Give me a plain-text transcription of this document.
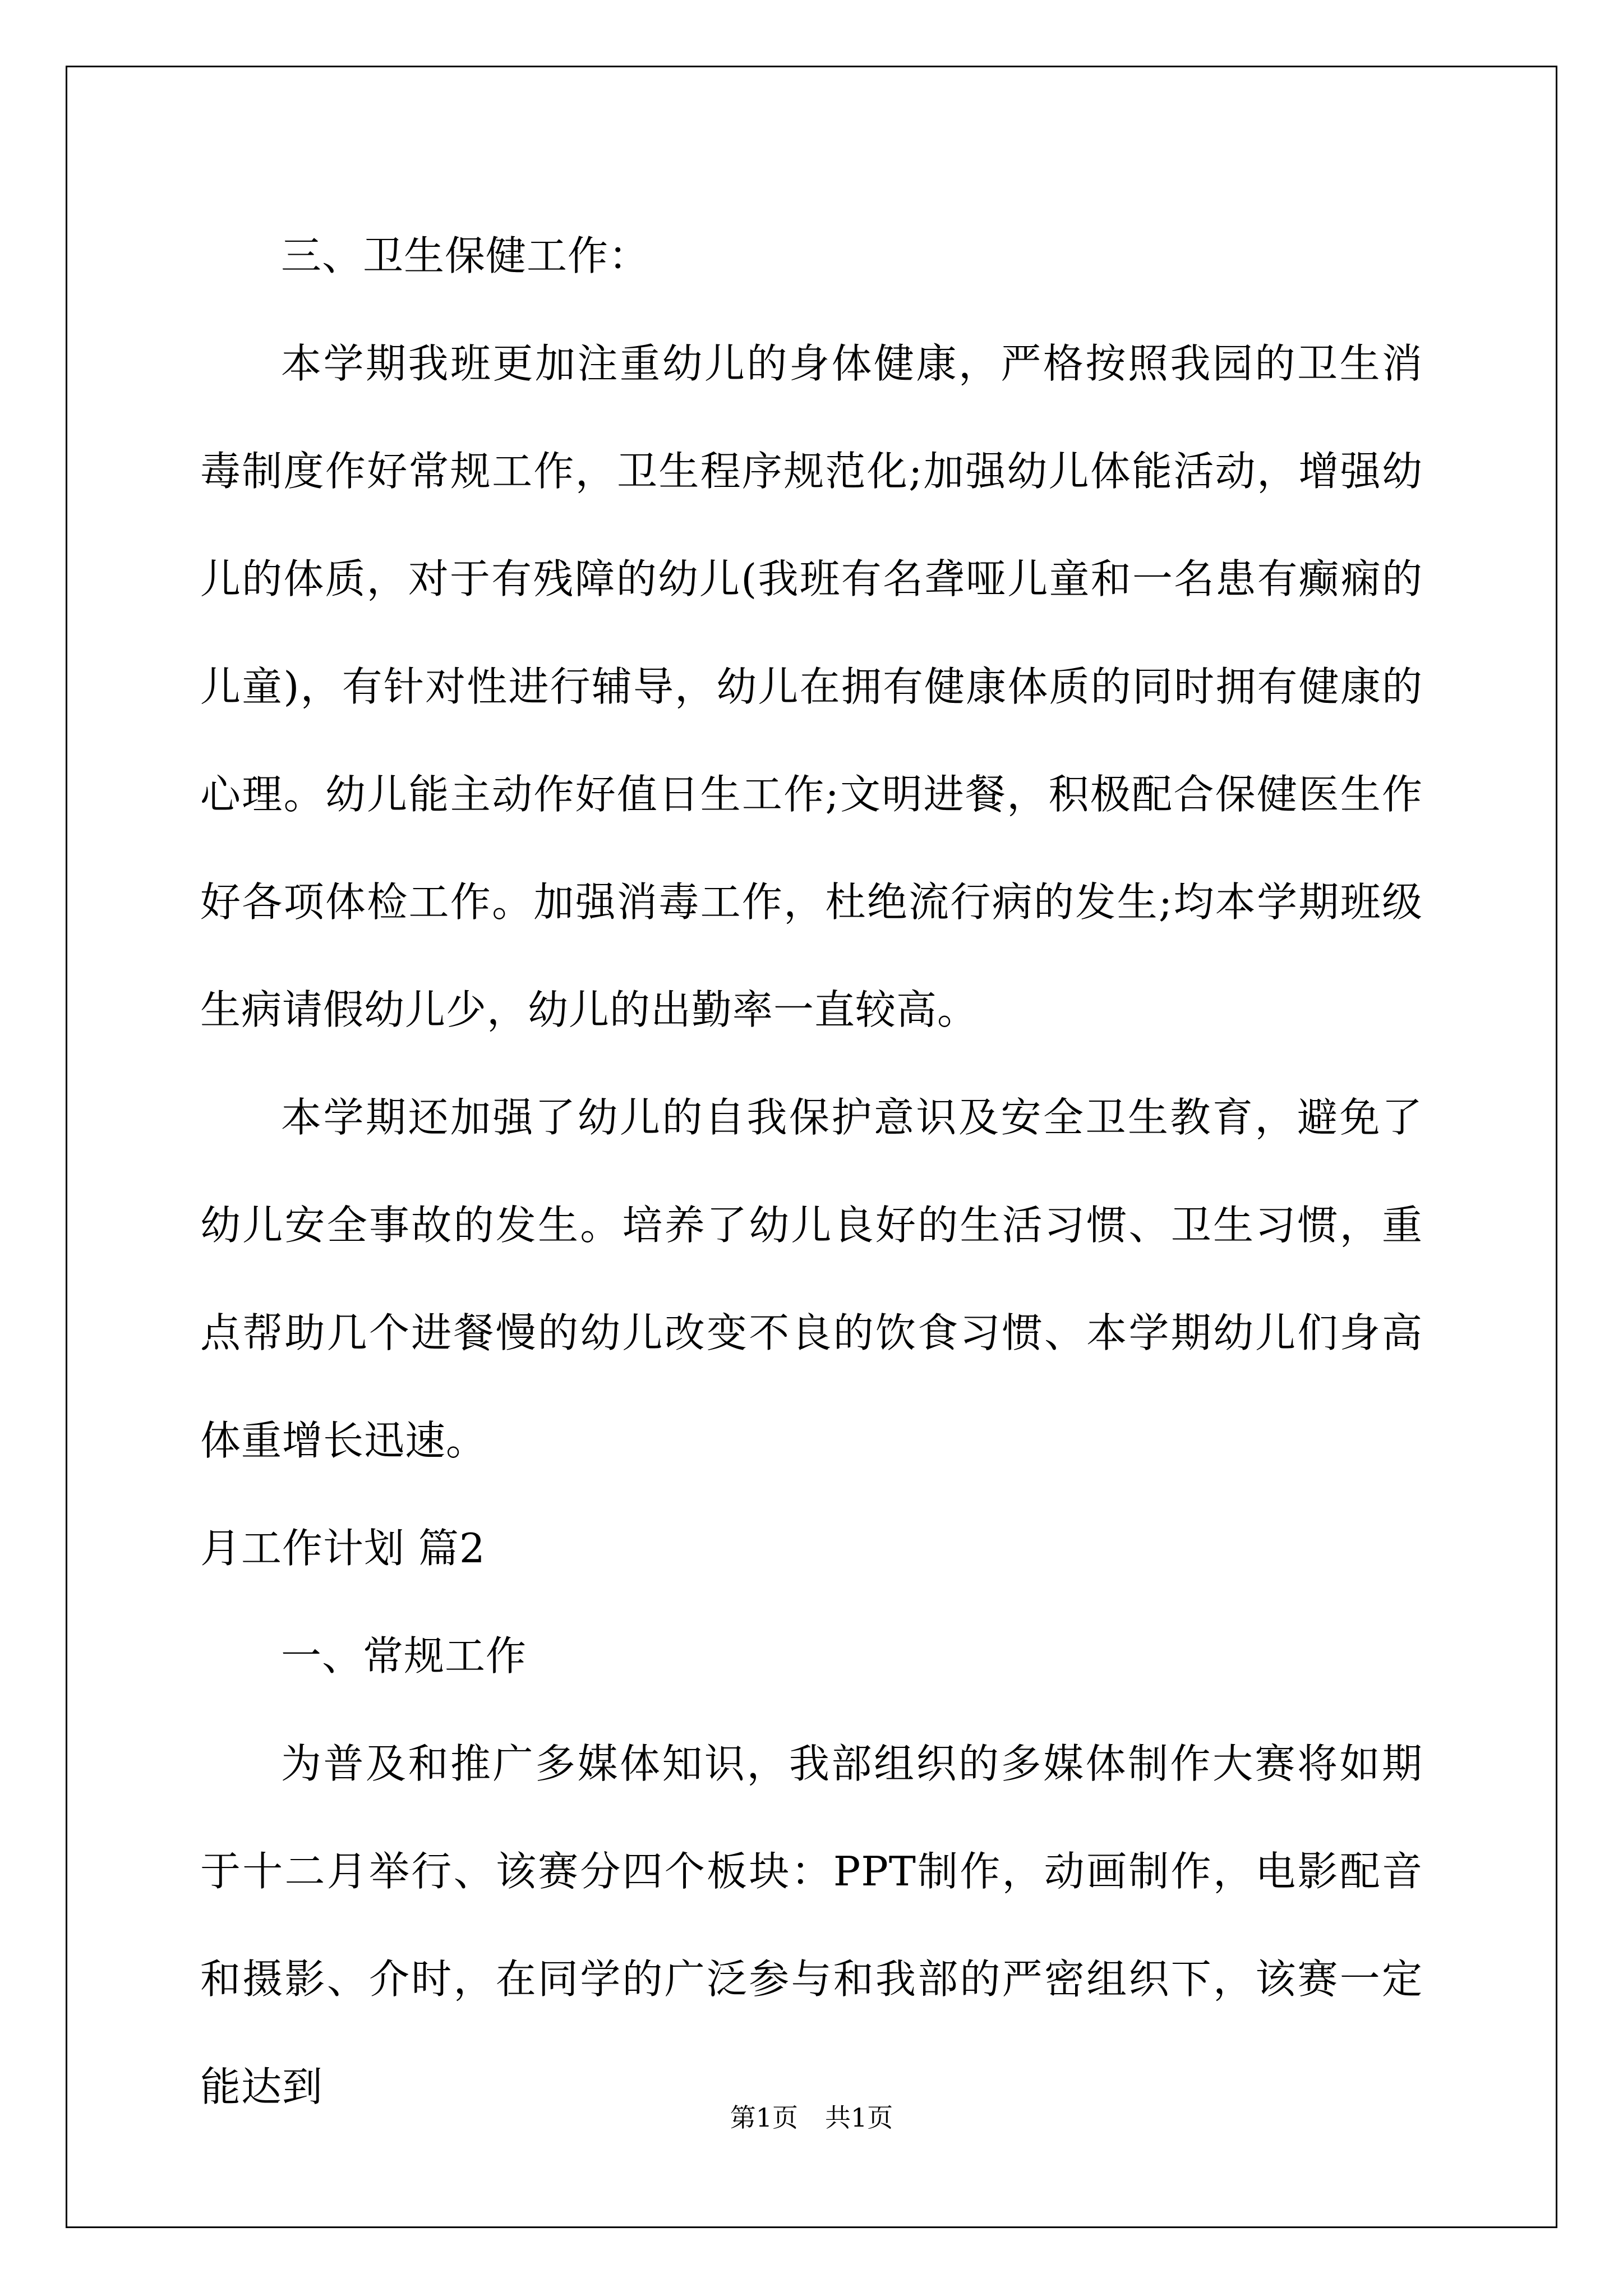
三、卫生保健工作：

本学期我班更加注重幼儿的身体健康，严格按照我园的卫生消毒制度作好常规工作，卫生程序规范化;加强幼儿体能活动，增强幼儿的体质，对于有残障的幼儿(我班有名聋哑儿童和一名患有癫痫的儿童)，有针对性进行辅导，幼儿在拥有健康体质的同时拥有健康的心理。幼儿能主动作好值日生工作;文明进餐，积极配合保健医生作好各项体检工作。加强消毒工作，杜绝流行病的发生;均本学期班级生病请假幼儿少，幼儿的出勤率一直较高。

本学期还加强了幼儿的自我保护意识及安全卫生教育，避免了幼儿安全事故的发生。培养了幼儿良好的生活习惯、卫生习惯，重点帮助几个进餐慢的幼儿改变不良的饮食习惯、本学期幼儿们身高体重增长迅速。

月工作计划 篇2

一、常规工作

为普及和推广多媒体知识，我部组织的多媒体制作大赛将如期于十二月举行、该赛分四个板块：PPT制作，动画制作，电影配音和摄影、介时，在同学的广泛参与和我部的严密组织下，该赛一定能达到

第1页 共1页
